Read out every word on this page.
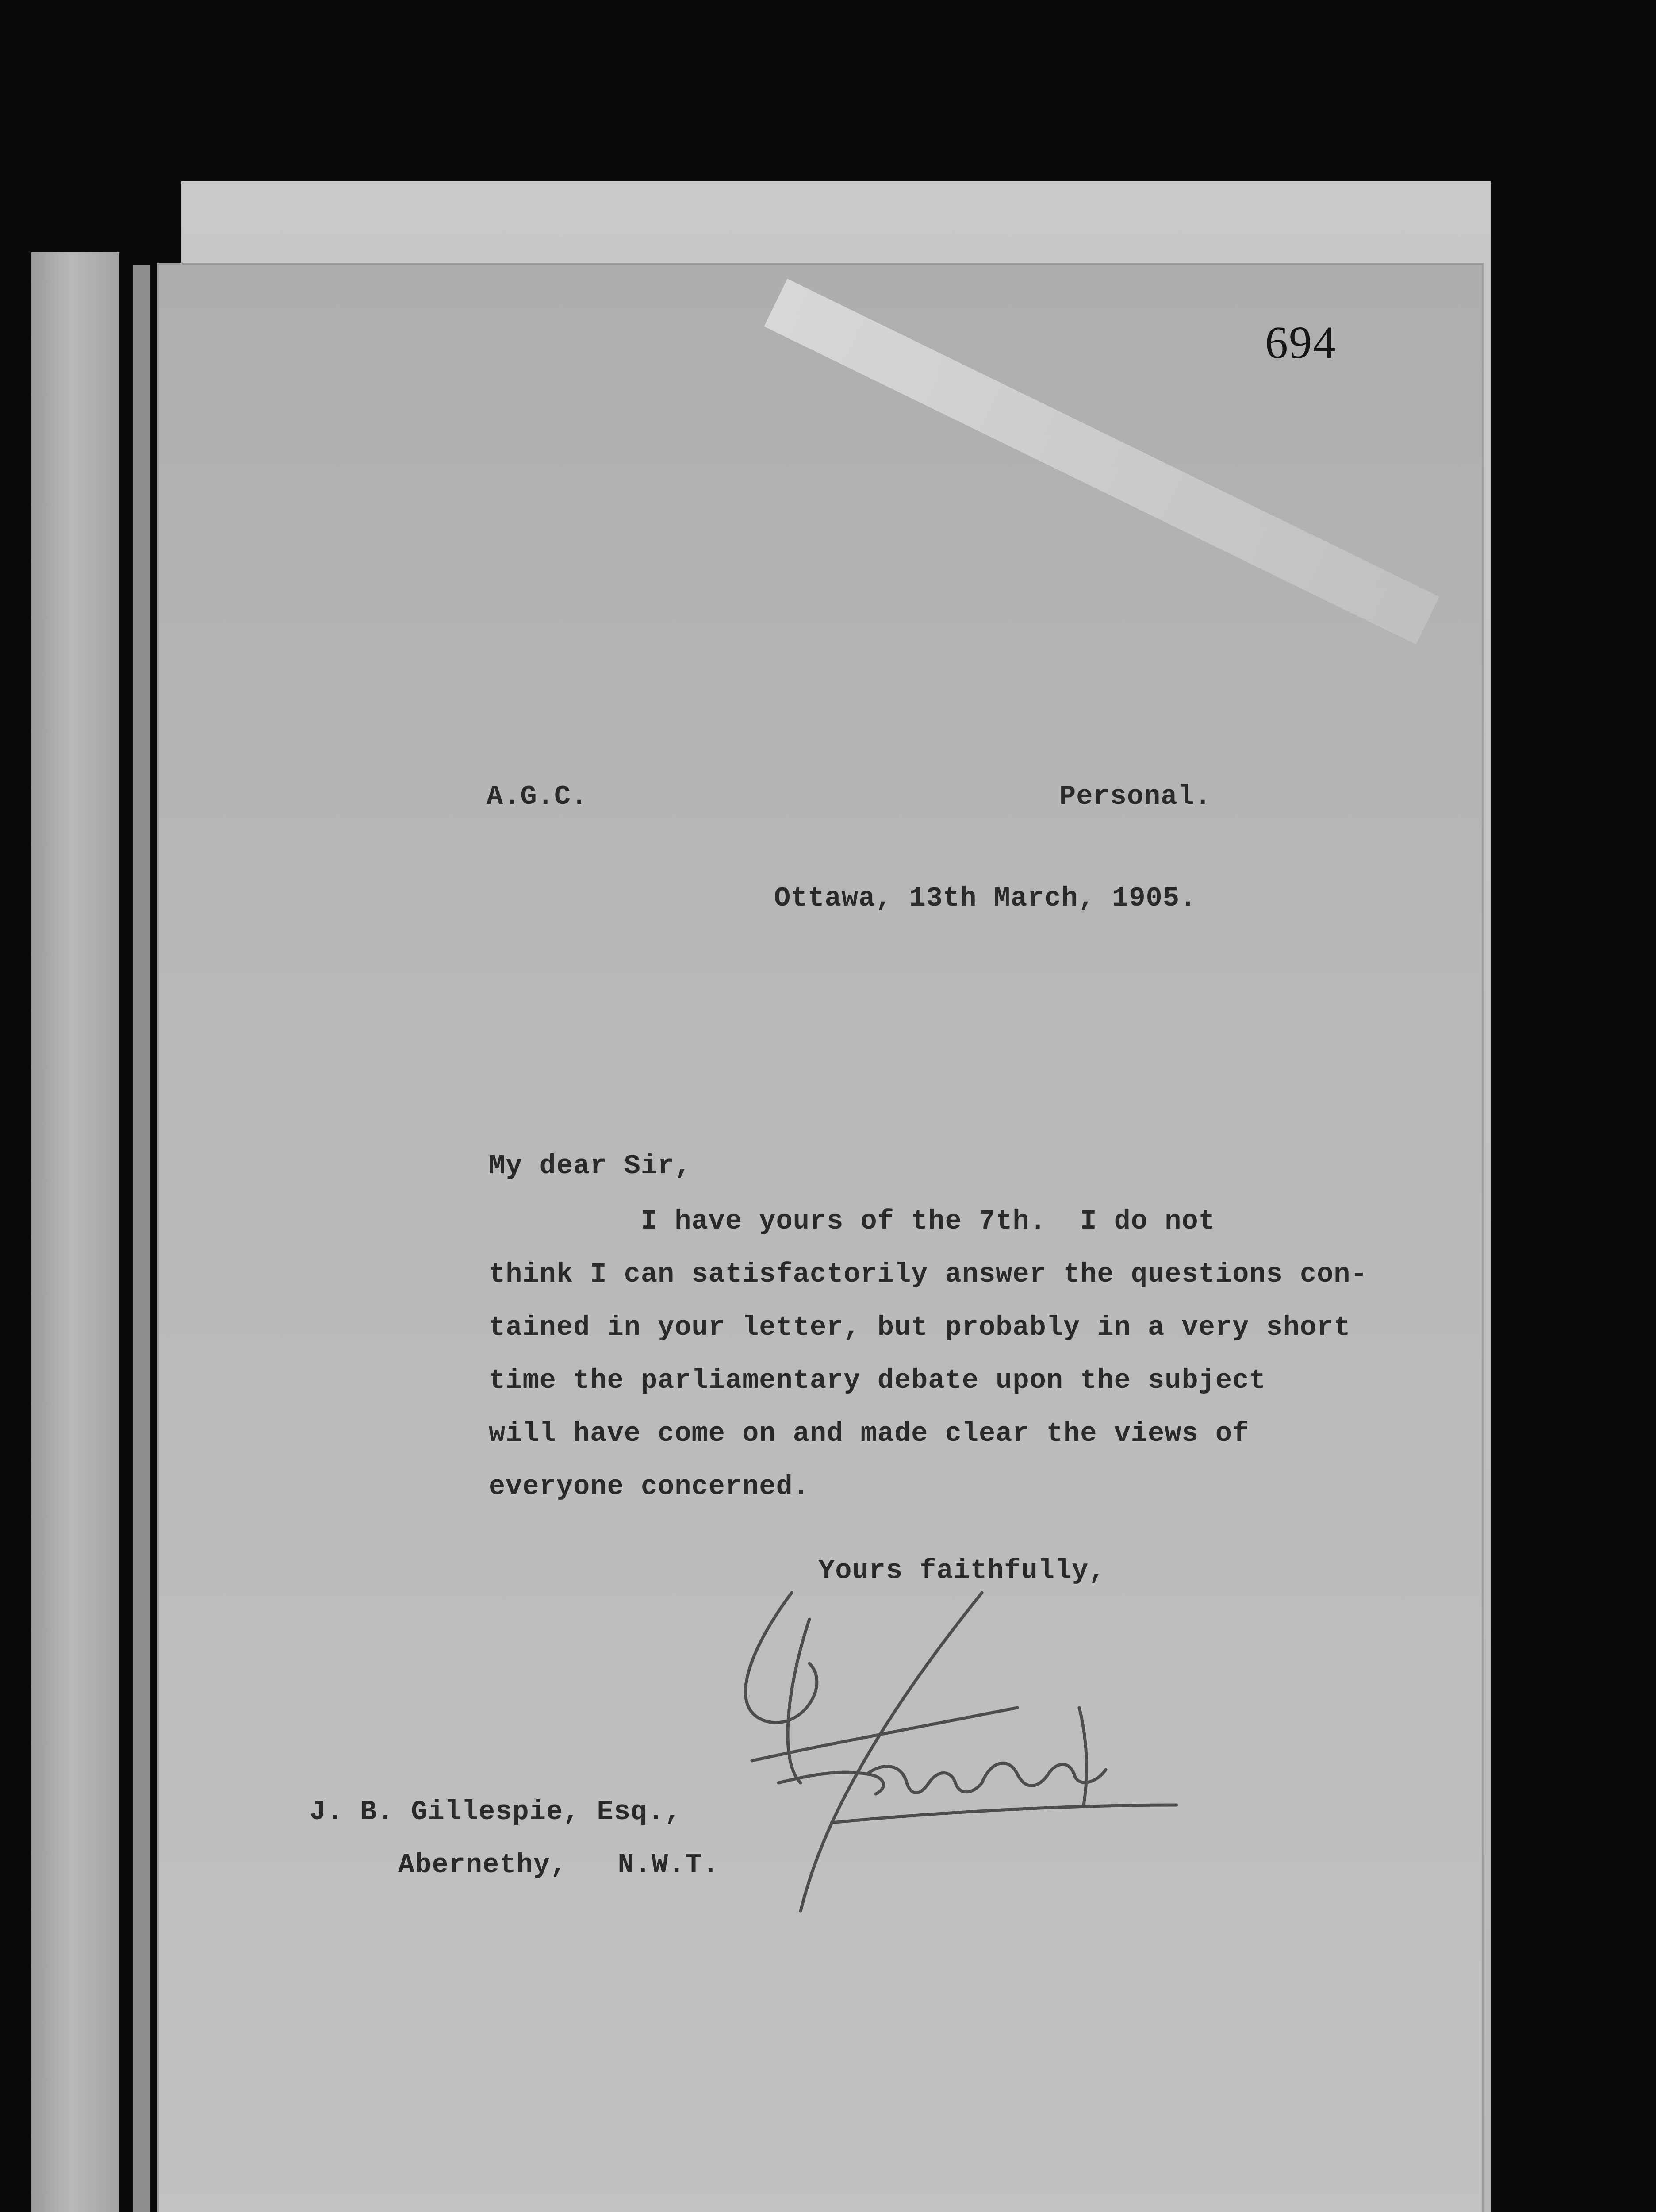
694
A.G.C.	Personal.
Ottawa, 13th March, 1905.
My dear Sir,
I have yours of the 7th.  I do not
think I can satisfactorily answer the questions con-
tained in your letter, but probably in a very short
time the parliamentary debate upon the subject
will have come on and made clear the views of
everyone concerned.
Yours faithfully,
J. B. Gillespie, Esq.,
Abernethy,   N.W.T.
